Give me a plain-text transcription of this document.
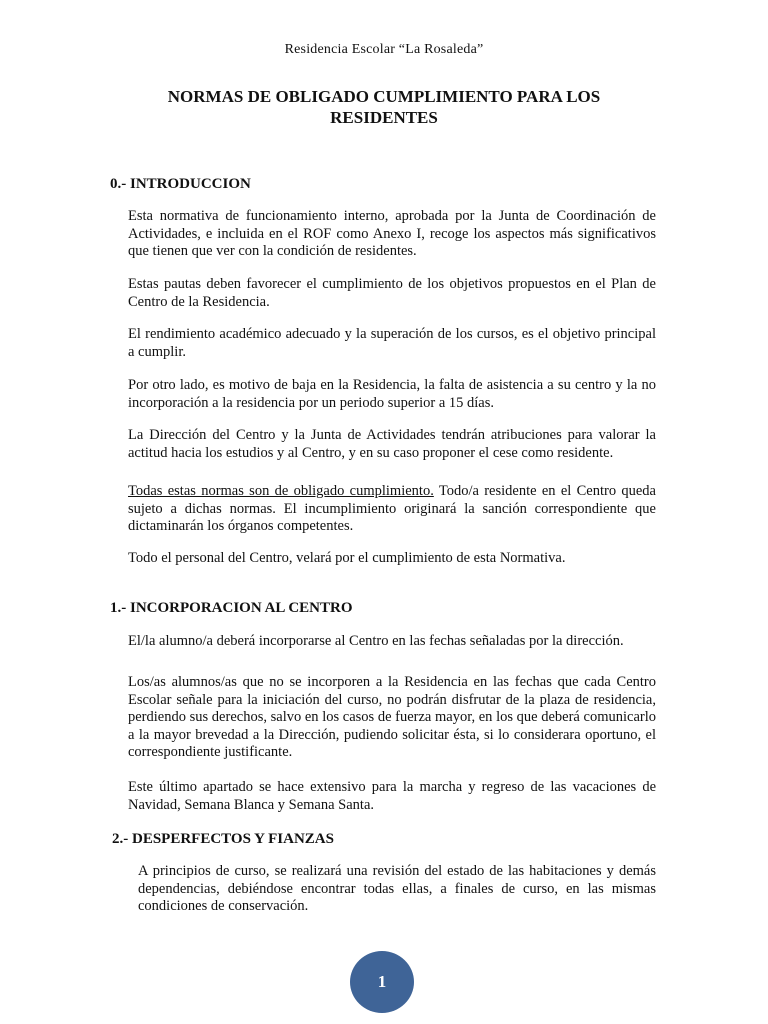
Residencia Escolar “La Rosaleda”
NORMAS DE OBLIGADO CUMPLIMIENTO PARA LOS RESIDENTES
0.- INTRODUCCION

Esta normativa de funcionamiento interno, aprobada por la Junta de Coordinación de Actividades, e incluida en el ROF como Anexo I, recoge los aspectos más significativos que tienen que ver con la condición de residentes.

Estas pautas deben favorecer el cumplimiento de los objetivos propuestos en el Plan de Centro de la Residencia.

El rendimiento académico adecuado y la superación de los cursos, es el objetivo principal a cumplir.

Por otro lado, es motivo de baja en la Residencia, la falta de asistencia a su centro y la no incorporación a la residencia por un periodo superior a 15 días.

La Dirección del Centro y la Junta de Actividades tendrán atribuciones para valorar la actitud hacia los estudios y al Centro, y en su caso proponer el cese como residente.

Todas estas normas son de obligado cumplimiento. Todo/a residente en el Centro queda sujeto a dichas normas. El incumplimiento originará la sanción correspondiente que dictaminarán los órganos competentes.

Todo el personal del Centro, velará por el cumplimiento de esta Normativa.

1.- INCORPORACION AL CENTRO

El/la alumno/a deberá incorporarse al Centro en las fechas señaladas por la dirección.

Los/as alumnos/as que no se incorporen a la Residencia en las fechas que cada Centro Escolar señale para la iniciación del curso, no podrán disfrutar de la plaza de residencia, perdiendo sus derechos, salvo en los casos de fuerza mayor, en los que deberá comunicarlo a la mayor brevedad a la Dirección, pudiendo solicitar ésta, si lo considerara oportuno, el correspondiente justificante.

Este último apartado se hace extensivo para la marcha y regreso de las vacaciones de Navidad, Semana Blanca y Semana Santa.

2.- DESPERFECTOS Y FIANZAS

A principios de curso, se realizará una revisión del estado de las habitaciones y demás dependencias, debiéndose encontrar todas ellas, a finales de curso, en las mismas condiciones de conservación.

1
